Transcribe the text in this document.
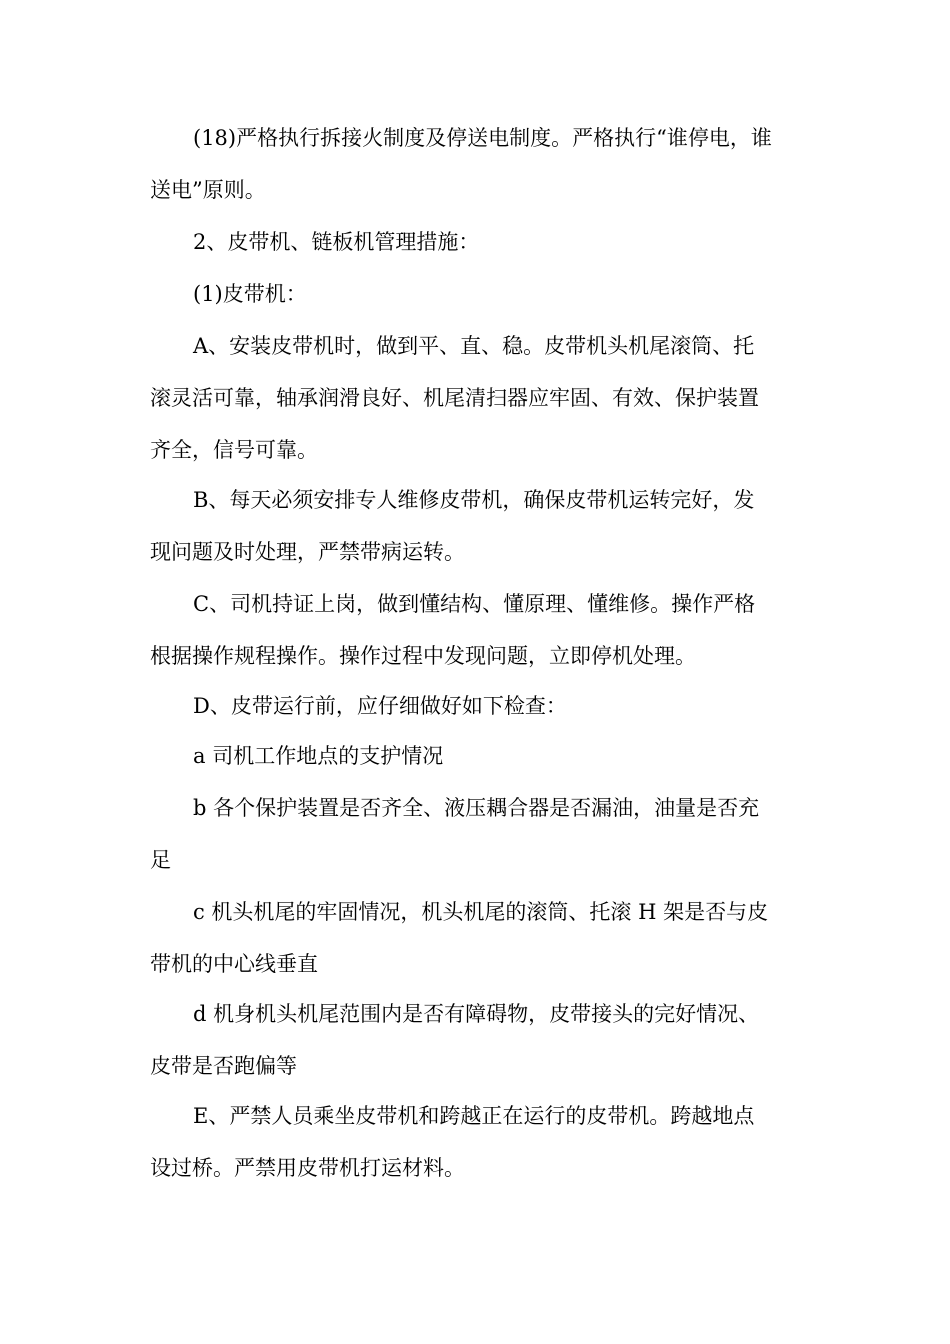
(18)严格执行拆接火制度及停送电制度。严格执行“谁停电，谁
送电”原则。

2、皮带机、链板机管理措施：

(1)皮带机：

A、安装皮带机时，做到平、直、稳。皮带机头机尾滚筒、托
滚灵活可靠，轴承润滑良好、机尾清扫器应牢固、有效、保护装置
齐全，信号可靠。

B、每天必须安排专人维修皮带机，确保皮带机运转完好，发
现问题及时处理，严禁带病运转。

C、司机持证上岗，做到懂结构、懂原理、懂维修。操作严格
根据操作规程操作。操作过程中发现问题，立即停机处理。

D、皮带运行前，应仔细做好如下检查：

a 司机工作地点的支护情况

b 各个保护装置是否齐全、液压耦合器是否漏油，油量是否充
足

c 机头机尾的牢固情况，机头机尾的滚筒、托滚 H 架是否与皮
带机的中心线垂直

d 机身机头机尾范围内是否有障碍物，皮带接头的完好情况、
皮带是否跑偏等

E、严禁人员乘坐皮带机和跨越正在运行的皮带机。跨越地点
设过桥。严禁用皮带机打运材料。
